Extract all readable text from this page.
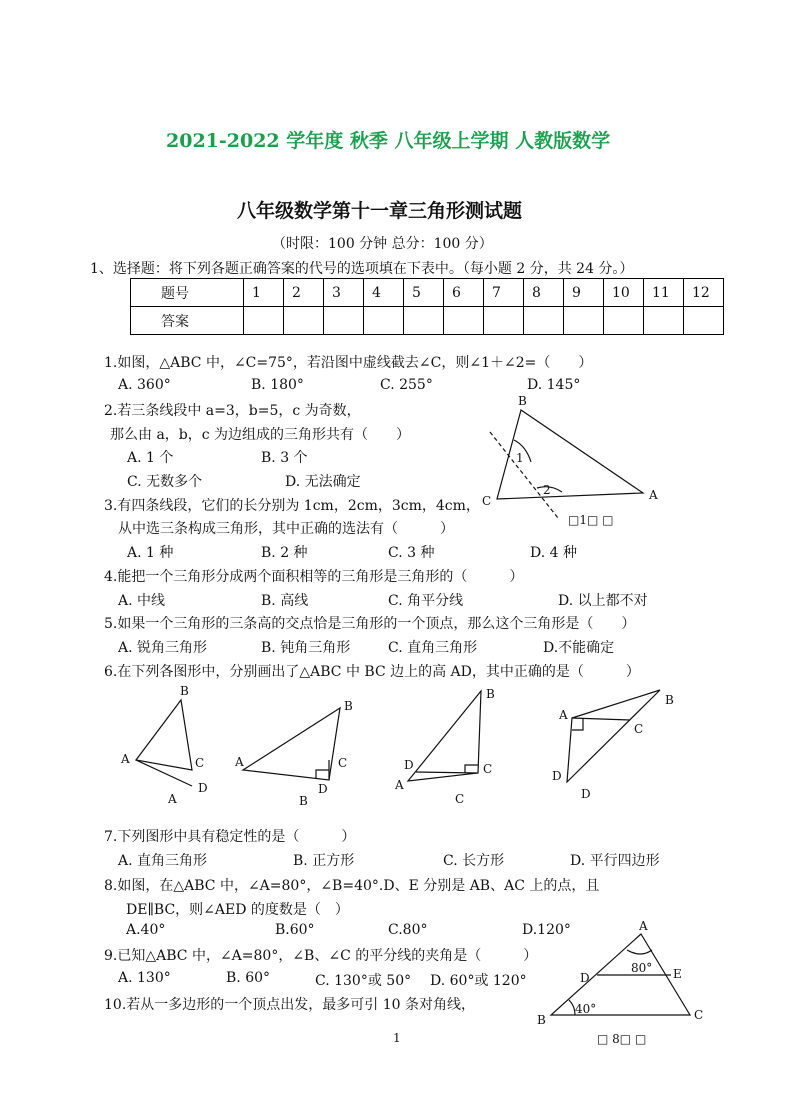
2021-2022 学年度 秋季 八年级上学期 人教版数学
八年级数学第十一章三角形测试题
（时限：100 分钟 总分：100 分）
1、选择题：将下列各题正确答案的代号的选项填在下表中。（每小题 2 分，共 24 分。）
题号	1	2	3	4	5	6	7	8	9	10	11	12
答案												
1.如图，△ABC 中，∠C=75°，若沿图中虚线截去∠C，则∠1＋∠2=（　　）
A. 360°	B. 180°	C. 255°	D. 145°
2.若三条线段中 a=3，b=5，c 为奇数，
那么由 a，b，c 为边组成的三角形共有（　　）
A. 1 个	B. 3 个
C. 无数多个	D. 无法确定
3.有四条线段，它们的长分别为 1cm，2cm，3cm，4cm，
从中选三条构成三角形，其中正确的选法有（　　　）
A. 1 种	B. 2 种	C. 3 种	D. 4 种
4.能把一个三角形分成两个面积相等的三角形是三角形的（　　　）
A. 中线	B. 高线	C. 角平分线	D. 以上都不对
5.如果一个三角形的三条高的交点恰是三角形的一个顶点，那么这个三角形是（　　）
A. 锐角三角形	B. 钝角三角形	C. 直角三角形	D.不能确定
6.在下列各图形中，分别画出了△ABC 中 BC 边上的高 AD，其中正确的是（　　　）
7.下列图形中具有稳定性的是（　　　）
A. 直角三角形	B. 正方形	C. 长方形	D. 平行四边形
8.如图，在△ABC 中，∠A=80°，∠B=40°.D、E 分别是 AB、AC 上的点，且
DE∥BC，则∠AED 的度数是（　）
A.40°	B.60°	C.80°	D.120°
9.已知△ABC 中，∠A=80°，∠B、∠C 的平分线的夹角是（　　　）
A. 130°	B. 60°	C. 130°或 50° D. 60°或 120°
10.若从一多边形的一个顶点出发，最多可引 10 条对角线，
B
C	A
1
2
□1□ □
B
A	C
D
A
B
A	C
D
B
B
D	C
A
C
A
B
C
D
D
A
D	E
B	C
80°
40°
□ 8□ □
1
